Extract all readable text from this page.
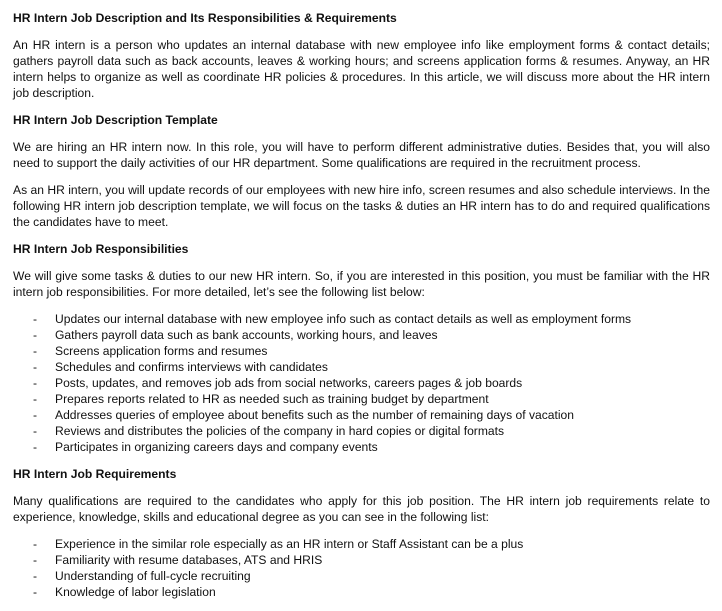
HR Intern Job Description and Its Responsibilities & Requirements

An HR intern is a person who updates an internal database with new employee info like employment forms & contact details; gathers payroll data such as back accounts, leaves & working hours; and screens application forms & resumes. Anyway, an HR intern helps to organize as well as coordinate HR policies & procedures. In this article, we will discuss more about the HR intern job description.

HR Intern Job Description Template

We are hiring an HR intern now. In this role, you will have to perform different administrative duties. Besides that, you will also need to support the daily activities of our HR department. Some qualifications are required in the recruitment process.

As an HR intern, you will update records of our employees with new hire info, screen resumes and also schedule interviews. In the following HR intern job description template, we will focus on the tasks & duties an HR intern has to do and required qualifications the candidates have to meet.

HR Intern Job Responsibilities

We will give some tasks & duties to our new HR intern. So, if you are interested in this position, you must be familiar with the HR intern job responsibilities. For more detailed, let’s see the following list below:

- Updates our internal database with new employee info such as contact details as well as employment forms
- Gathers payroll data such as bank accounts, working hours, and leaves
- Screens application forms and resumes
- Schedules and confirms interviews with candidates
- Posts, updates, and removes job ads from social networks, careers pages & job boards
- Prepares reports related to HR as needed such as training budget by department
- Addresses queries of employee about benefits such as the number of remaining days of vacation
- Reviews and distributes the policies of the company in hard copies or digital formats
- Participates in organizing careers days and company events
HR Intern Job Requirements

Many qualifications are required to the candidates who apply for this job position. The HR intern job requirements relate to experience, knowledge, skills and educational degree as you can see in the following list:

- Experience in the similar role especially as an HR intern or Staff Assistant can be a plus
- Familiarity with resume databases, ATS and HRIS
- Understanding of full-cycle recruiting
- Knowledge of labor legislation
